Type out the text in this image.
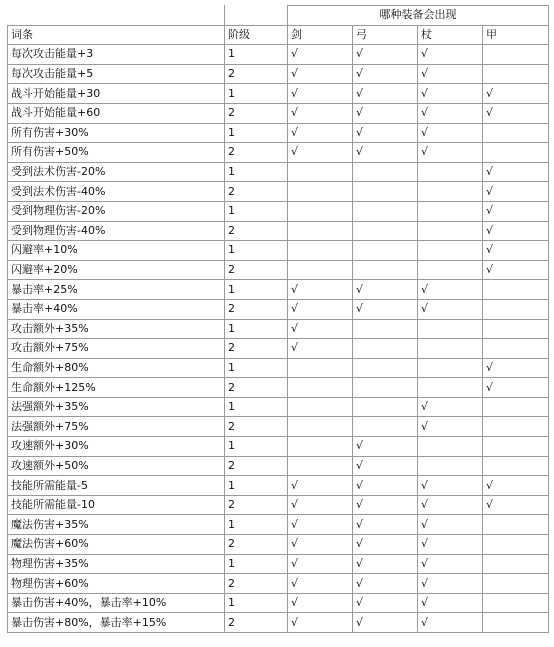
		哪种装备会出现			
词条	阶级	剑	弓	杖	甲
每次攻击能量+3	1	√	√	√	
每次攻击能量+5	2	√	√	√	
战斗开始能量+30	1	√	√	√	√
战斗开始能量+60	2	√	√	√	√
所有伤害+30%	1	√	√	√	
所有伤害+50%	2	√	√	√	
受到法术伤害-20%	1				√
受到法术伤害-40%	2				√
受到物理伤害-20%	1				√
受到物理伤害-40%	2				√
闪避率+10%	1				√
闪避率+20%	2				√
暴击率+25%	1	√	√	√	
暴击率+40%	2	√	√	√	
攻击额外+35%	1	√			
攻击额外+75%	2	√			
生命额外+80%	1				√
生命额外+125%	2				√
法强额外+35%	1			√	
法强额外+75%	2			√	
攻速额外+30%	1		√		
攻速额外+50%	2		√		
技能所需能量-5	1	√	√	√	√
技能所需能量-10	2	√	√	√	√
魔法伤害+35%	1	√	√	√	
魔法伤害+60%	2	√	√	√	
物理伤害+35%	1	√	√	√	
物理伤害+60%	2	√	√	√	
暴击伤害+40%，暴击率+10%	1	√	√	√	
暴击伤害+80%，暴击率+15%	2	√	√	√	
